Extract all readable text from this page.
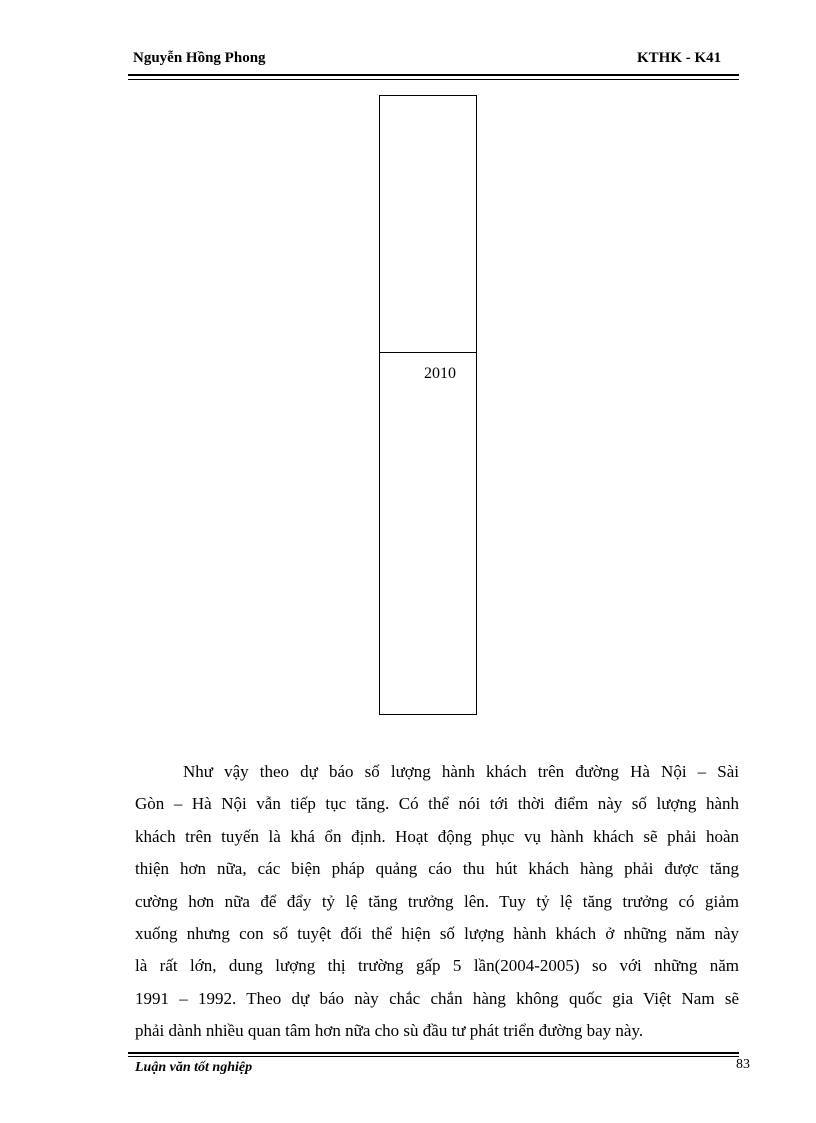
Nguyễn Hồng Phong	KTHK - K41
2010
Như vậy theo dự báo số lượng hành khách trên đường Hà Nội – Sài
Gòn – Hà Nội vẫn tiếp tục tăng. Có thể nói tới thời điểm này số lượng hành
khách trên tuyến là khá ổn định. Hoạt động phục vụ hành khách sẽ phải hoàn
thiện hơn nữa, các biện pháp quảng cáo thu hút khách hàng phải được tăng
cường hơn nữa để đẩy tỷ lệ tăng trưởng lên. Tuy tỷ lệ tăng trưởng có giảm
xuống nhưng con số tuyệt đối thể hiện số lượng hành khách ở những năm này
là rất lớn, dung lượng thị trường gấp 5 lần(2004-2005) so với những năm
1991 – 1992. Theo dự báo này chắc chắn hàng không quốc gia Việt Nam sẽ
phải dành nhiều quan tâm hơn nữa cho sù đầu tư phát triển đường bay này.
Luận văn tốt nghiệp	83
